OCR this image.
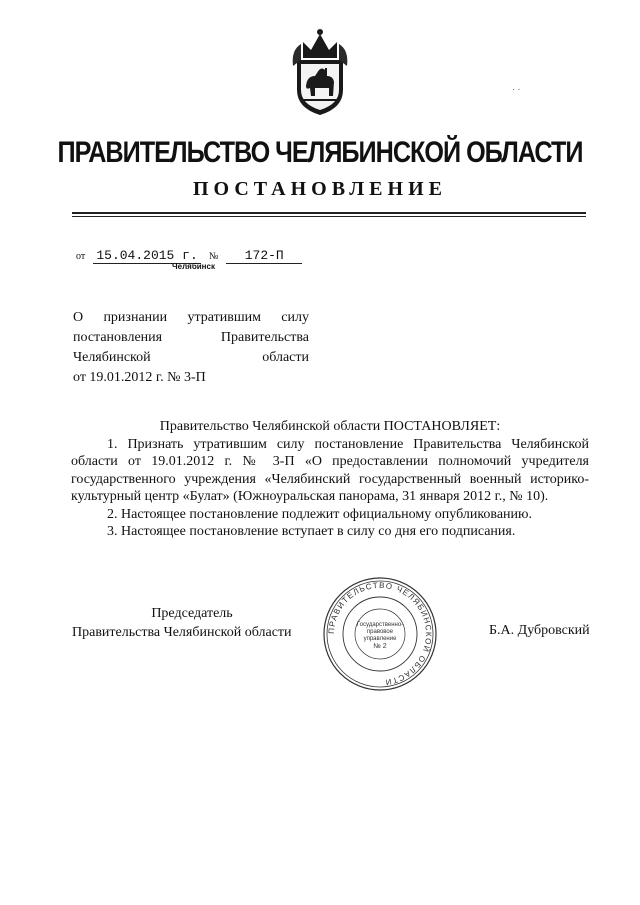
· ·
ПРАВИТЕЛЬСТВО ЧЕЛЯБИНСКОЙ ОБЛАСТИ
ПОСТАНОВЛЕНИЕ
от 15.04.2015 г. № 172-П
Челябинск
О признании утратившим силу
постановления Правительства
Челябинской области
от 19.01.2012 г. № 3-П

Правительство Челябинской области ПОСТАНОВЛЯЕТ:

1. Признать утратившим силу постановление Правительства Челябинской области от 19.01.2012 г. № 3-П «О предоставлении полномочий учредителя государственного учреждения «Челябинский государственный военный историко-культурный центр «Булат» (Южноуральская панорама, 31 января 2012 г., № 10).

2. Настоящее постановление подлежит официальному опубликованию.

3. Настоящее постановление вступает в силу со дня его подписания.

Председатель
Правительства Челябинской области	ПРАВИТЕЛЬСТВО ЧЕЛЯБИНСКОЙ ОБЛАСТИ
Государственно-
правовое
управление
№ 2
Б.А. Дубровский
